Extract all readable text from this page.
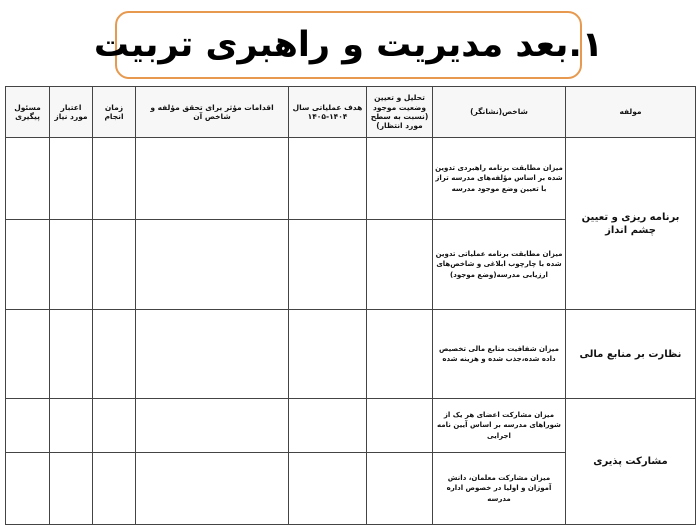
۱.بعد مدیریت و راهبری تربیت
مولفه	شاخص(نشانگر)	تحلیل و تعیین وضعیت موجود (نسبت به سطح مورد انتظار)	هدف عملیاتی سال ۱۴۰۴-۱۴۰۵	اقدامات مؤثر برای تحقق مؤلفه و شاخص آن	زمان انجام	اعتبار مورد نیاز	مسئول پیگیری
برنامه ریزی و تعیین چشم انداز	میزان مطابقت برنامه راهبردی تدوین شده بر اساس مؤلفه‌های مدرسه تراز با تعیین وضع موجود مدرسه						
	میزان مطابقت برنامه عملیاتی تدوین شده با چارچوب ابلاغی و شاخص‌های ارزیابی مدرسه(وضع موجود)						
نظارت بر منابع مالی	میزان شفافیت منابع مالی تخصیص داده شده،جذب شده و هزینه شده						
مشارکت پذیری	میزان مشارکت اعضای هر یک از شوراهای مدرسه بر اساس آیین نامه اجرایی						
	میزان مشارکت معلمان، دانش آموزان و اولیا در خصوص اداره مدرسه						
